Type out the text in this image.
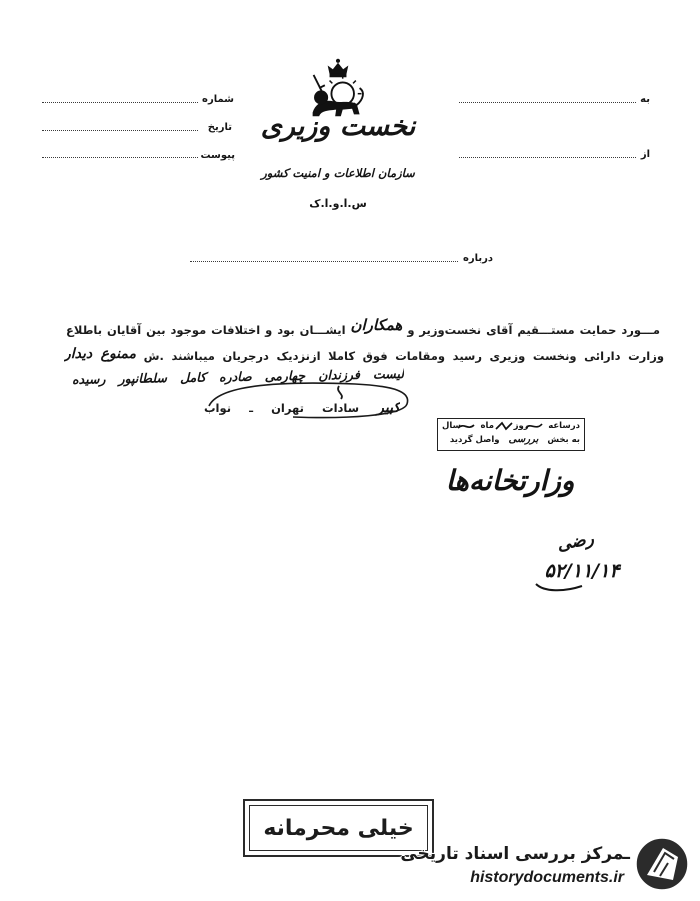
شماره
تاریخ
پیوست
به
از
نخست وزیری
سازمان اطلاعات و امنیت کشور
س.ا.و.ا.ک
درباره
مـــورد حمایت مستـــقیم آقای نخست‌وزیر و همکاران ایشـــان بود و اختلافات موجود بین آقایان باطلاع
وزارت دارائی ونخست وزیری رسید ومقامات فوق کاملا ازنزدیک درجریان میباشند .ش ممنوع دیدار
لیست فرزندان چهارمی صادره کامل سلطانپور رسیده
کبیر سادات تهران ـ نواب
درساعه
روز
ماه
سال
به بخش
بررسی
واصل گردید
وزارتخانه‌ها
رضی
۵۲/۱۱/۱۴
خیلی محرمانه
ـمرکز بررسی اسناد تاریخی
historydocuments.ir
